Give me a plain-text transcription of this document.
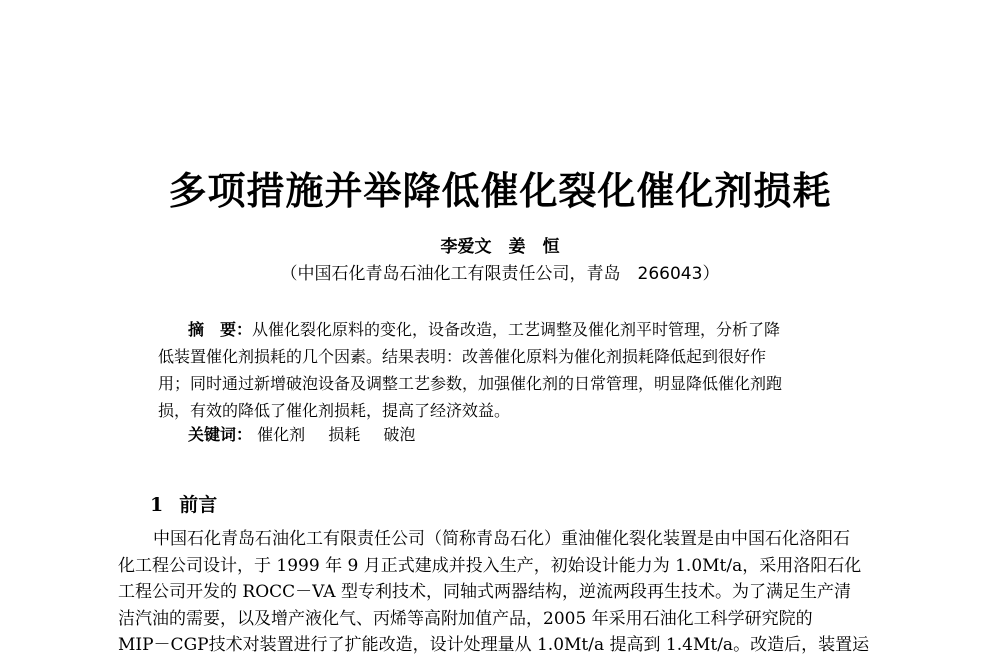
多项措施并举降低催化裂化催化剂损耗
李爱文　姜　恒
（中国石化青岛石油化工有限责任公司，青岛　266043）

摘　要：从催化裂化原料的变化，设备改造，工艺调整及催化剂平时管理，分析了降
低装置催化剂损耗的几个因素。结果表明：改善催化原料为催化剂损耗降低起到很好作
用；同时通过新增破泡设备及调整工艺参数，加强催化剂的日常管理，明显降低催化剂跑
损，有效的降低了催化剂损耗，提高了经济效益。

关键词： 催化剂 损耗 破泡
1 前言

中国石化青岛石油化工有限责任公司（简称青岛石化）重油催化裂化装置是由中国石化洛阳石
化工程公司设计，于 1999 年 9 月正式建成并投入生产，初始设计能力为 1.0Mt/a，采用洛阳石化
工程公司开发的 ROCC－VA 型专利技术，同轴式两器结构，逆流两段再生技术。为了满足生产清
洁汽油的需要，以及增产液化气、丙烯等高附加值产品，2005 年采用石油化工科学研究院的
MIP－CGP技术对装置进行了扩能改造，设计处理量从 1.0Mt/a 提高到 1.4Mt/a。改造后，装置运
